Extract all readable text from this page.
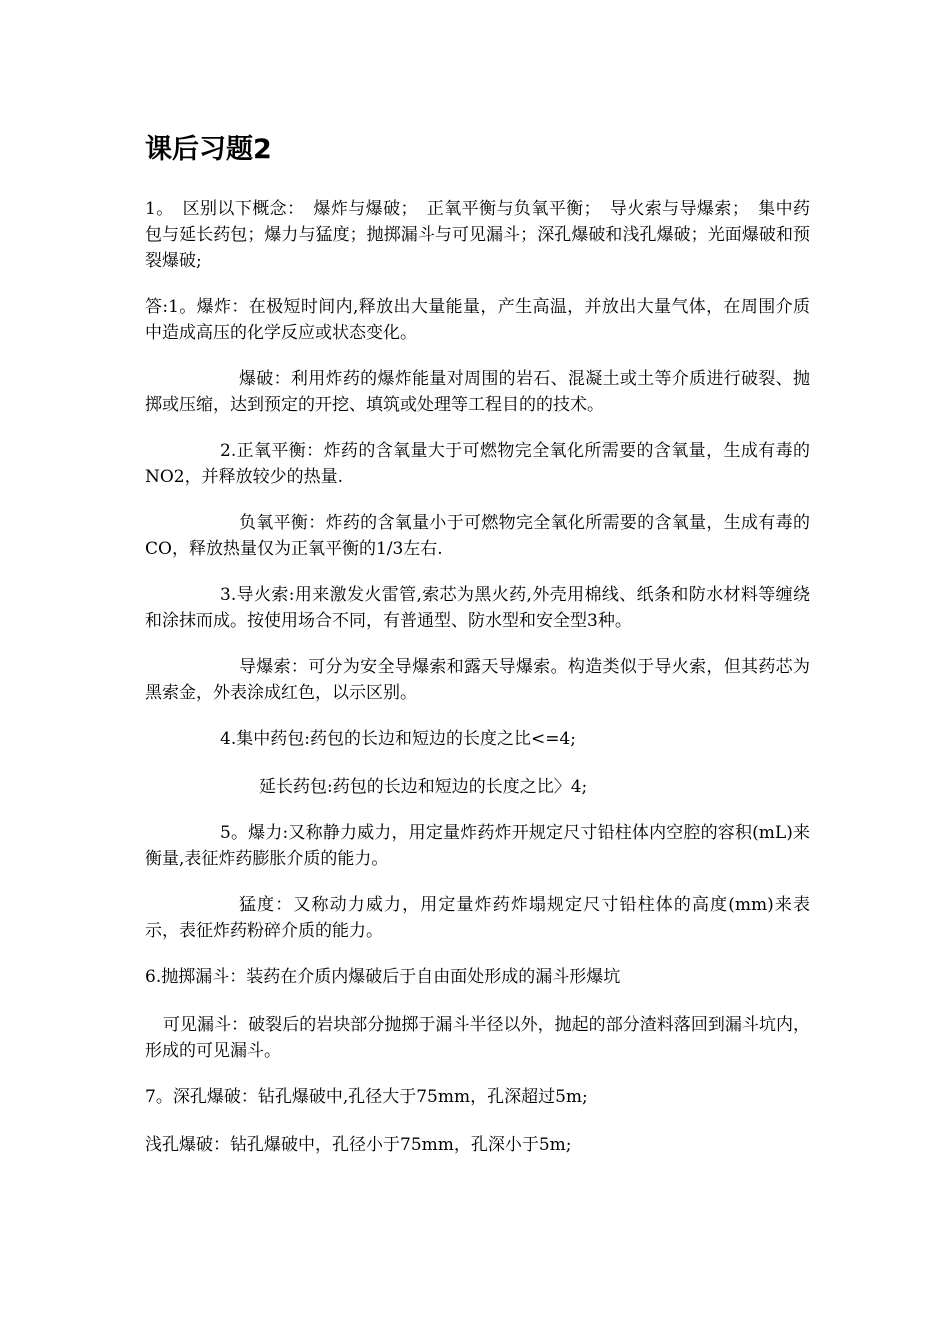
课后习题2

1。　区别以下概念：　爆炸与爆破；　正氧平衡与负氧平衡；　导火索与导爆索；　集中药包与延长药包；爆力与猛度；抛掷漏斗与可见漏斗；深孔爆破和浅孔爆破；光面爆破和预裂爆破;

答:1。爆炸：在极短时间内,释放出大量能量，产生高温，并放出大量气体，在周围介质中造成高压的化学反应或状态变化。

爆破：利用炸药的爆炸能量对周围的岩石、混凝土或土等介质进行破裂、抛掷或压缩，达到预定的开挖、填筑或处理等工程目的的技术。

2.正氧平衡：炸药的含氧量大于可燃物完全氧化所需要的含氧量，生成有毒的NO2，并释放较少的热量.

负氧平衡：炸药的含氧量小于可燃物完全氧化所需要的含氧量，生成有毒的CO，释放热量仅为正氧平衡的1/3左右.

3.导火索:用来激发火雷管,索芯为黑火药,外壳用棉线、纸条和防水材料等缠绕和涂抹而成。按使用场合不同，有普通型、防水型和安全型3种。

导爆索：可分为安全导爆索和露天导爆索。构造类似于导火索，但其药芯为黑索金，外表涂成红色，以示区别。

4.集中药包:药包的长边和短边的长度之比<=4;

延长药包:药包的长边和短边的长度之比〉4;

5。爆力:又称静力威力，用定量炸药炸开规定尺寸铅柱体内空腔的容积(mL)来衡量,表征炸药膨胀介质的能力。

猛度：又称动力威力，用定量炸药炸塌规定尺寸铅柱体的高度(mm)来表示，表征炸药粉碎介质的能力。

6.抛掷漏斗：装药在介质内爆破后于自由面处形成的漏斗形爆坑

可见漏斗：破裂后的岩块部分抛掷于漏斗半径以外，抛起的部分渣料落回到漏斗坑内，形成的可见漏斗。

7。深孔爆破：钻孔爆破中,孔径大于75mm，孔深超过5m;

浅孔爆破：钻孔爆破中，孔径小于75mm，孔深小于5m;
